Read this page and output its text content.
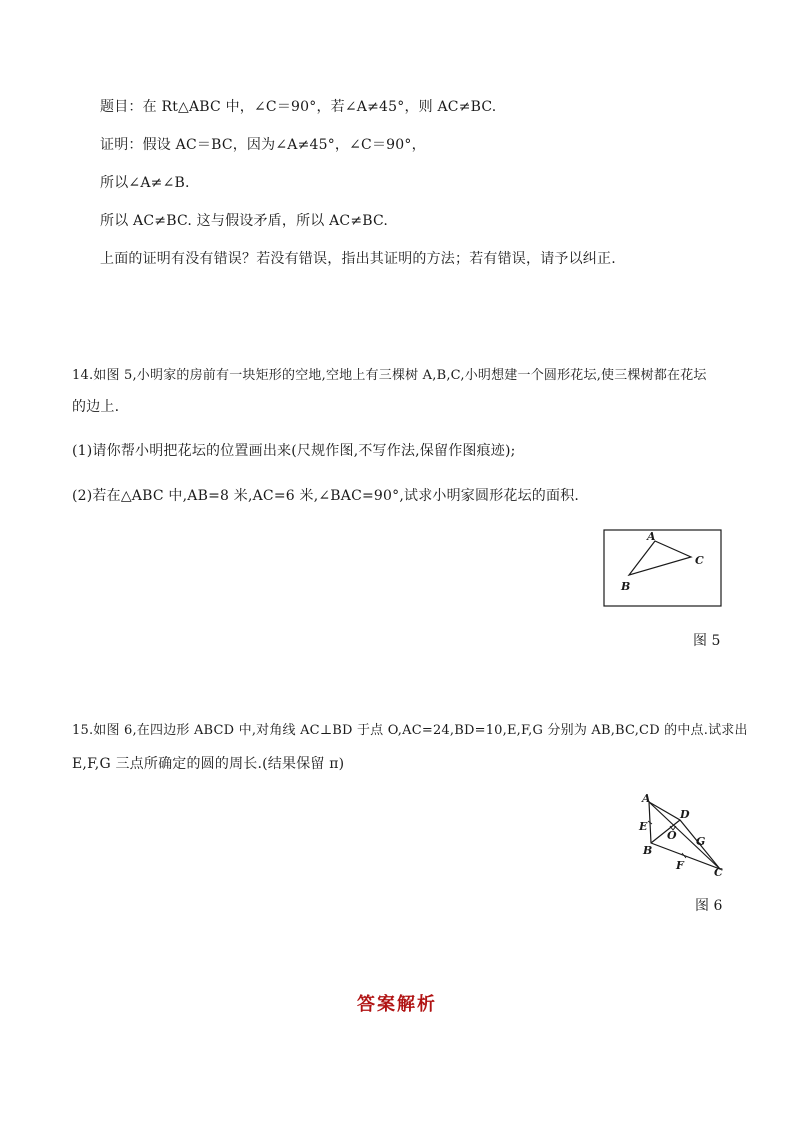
题目：在 Rt△ABC 中，∠C＝90°，若∠A≠45°，则 AC≠BC.
证明：假设 AC＝BC，因为∠A≠45°，∠C＝90°，
所以∠A≠∠B.
所以 AC≠BC. 这与假设矛盾，所以 AC≠BC.
上面的证明有没有错误？若没有错误，指出其证明的方法；若有错误，请予以纠正.
14.如图 5,小明家的房前有一块矩形的空地,空地上有三棵树 A,B,C,小明想建一个圆形花坛,使三棵树都在花坛
的边上.
(1)请你帮小明把花坛的位置画出来(尺规作图,不写作法,保留作图痕迹);
(2)若在△ABC 中,AB=8 米,AC=6 米,∠BAC=90°,试求小明家圆形花坛的面积.
A
C
B
图 5
15.如图 6,在四边形 ABCD 中,对角线 AC⊥BD 于点 O,AC=24,BD=10,E,F,G 分别为 AB,BC,CD 的中点.试求出
E,F,G 三点所确定的圆的周长.(结果保留 π)
A
D
E
O G
B
F
C
图 6
答案解析
